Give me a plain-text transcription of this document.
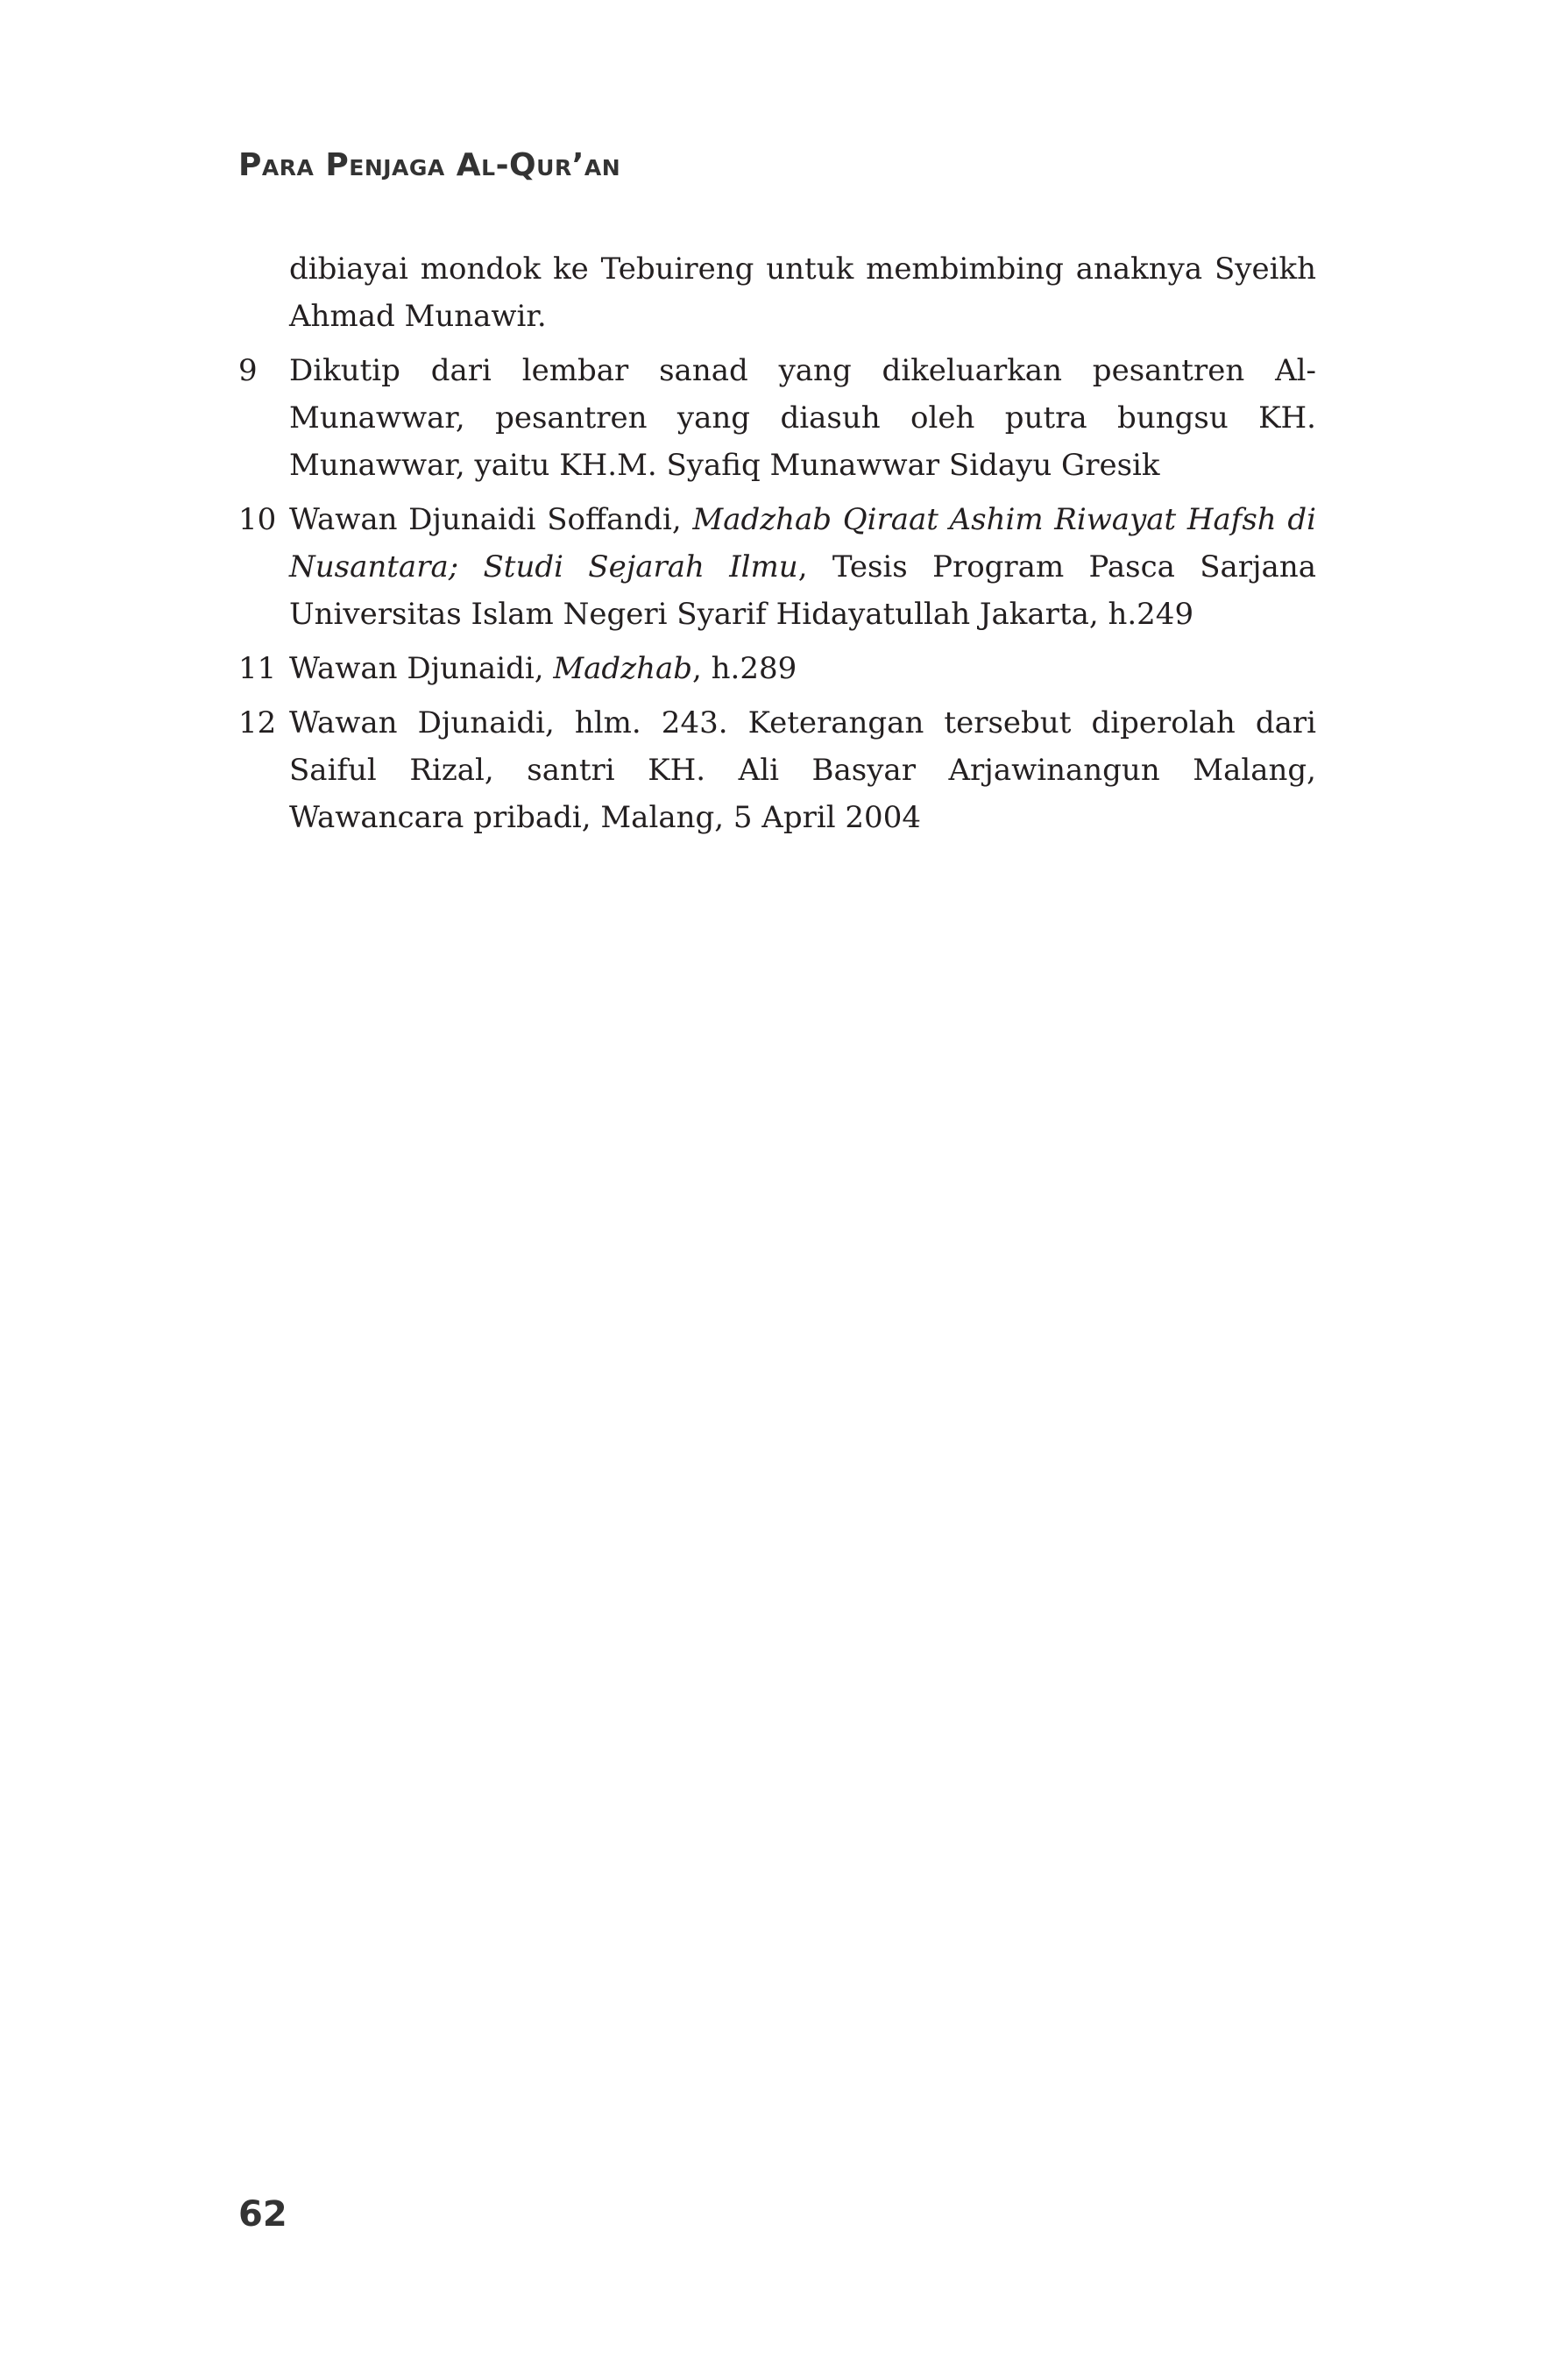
Para Penjaga Al-Qur’an
dibiayai mondok ke Tebuireng untuk membimbing anaknya Syeikh Ahmad Munawir.
9	Dikutip dari lembar sanad yang dikeluarkan pesantren Al-Munawwar, pesantren yang diasuh oleh putra bungsu KH. Munawwar, yaitu KH.M. Syafiq Munawwar Sidayu Gresik
10 Wawan Djunaidi Soffandi, Madzhab Qiraat Ashim Riwayat Hafsh di Nusantara; Studi Sejarah Ilmu, Tesis Program Pasca Sarjana Universitas Islam Negeri Syarif Hidayatullah Jakarta, h.249
11 Wawan Djunaidi, Madzhab, h.289
12 Wawan Djunaidi, hlm. 243. Keterangan tersebut diperolah dari Saiful Rizal, santri KH. Ali Basyar Arjawinangun Malang, Wawancara pribadi, Malang, 5 April 2004
62
